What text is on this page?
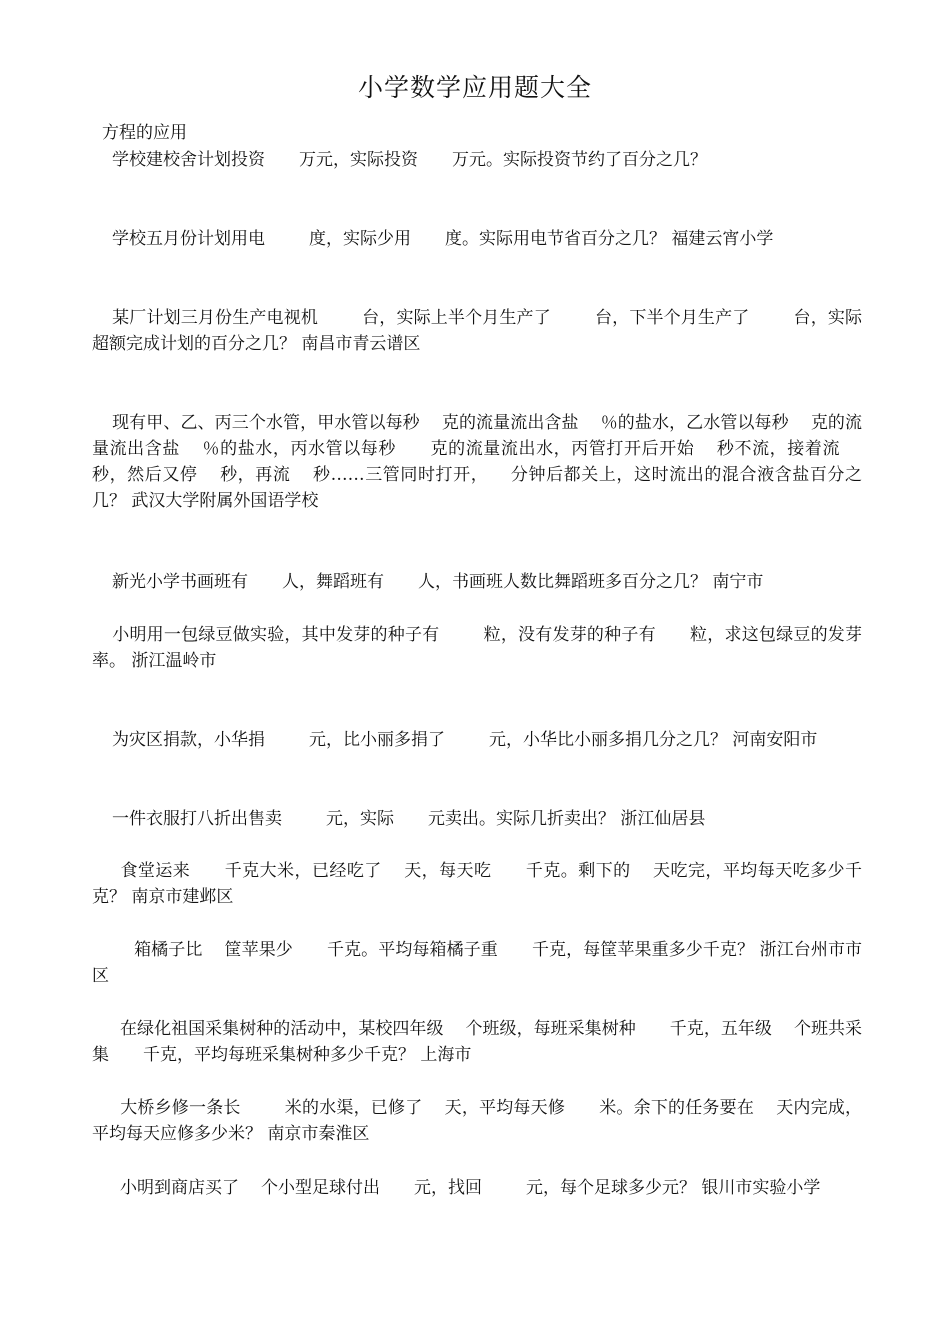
小学数学应用题大全
方程的应用
学校建校舍计划投资 万元，实际投资 万元。实际投资节约了百分之几？
学校五月份计划用电	度，实际少用 度。实际用电节省百分之几？ 福建云宵小学
某厂计划三月份生产电视机	台，实际上半个月生产了	台，下半个月生产了	台，实际超额完成计划的百分之几？ 南昌市青云谱区
现有甲、乙、丙三个水管，甲水管以每秒 克的流量流出含盐 ％的盐水，乙水管以每秒 克的流量流出含盐 ％的盐水，丙水管以每秒 克的流量流出水，丙管打开后开始 秒不流，接着流秒，然后又停 秒，再流 秒……三管同时打开， 分钟后都关上，这时流出的混合液含盐百分之几？ 武汉大学附属外国语学校
新光小学书画班有 人，舞蹈班有 人，书画班人数比舞蹈班多百分之几？ 南宁市
小明用一包绿豆做实验，其中发芽的种子有	粒，没有发芽的种子有 粒，求这包绿豆的发芽率。 浙江温岭市
为灾区捐款，小华捐	元，比小丽多捐了	元，小华比小丽多捐几分之几？ 河南安阳市
一件衣服打八折出售卖	元，实际 元卖出。实际几折卖出？ 浙江仙居县
食堂运来 千克大米，已经吃了 天，每天吃 千克。剩下的 天吃完，平均每天吃多少千克？ 南京市建邺区
箱橘子比 筐苹果少 千克。平均每箱橘子重 千克，每筐苹果重多少千克？ 浙江台州市市区
在绿化祖国采集树种的活动中，某校四年级 个班级，每班采集树种 千克，五年级 个班共采集 千克，平均每班采集树种多少千克？ 上海市
大桥乡修一条长	米的水渠，已修了 天，平均每天修 米。余下的任务要在 天内完成，平均每天应修多少米？ 南京市秦淮区
小明到商店买了 个小型足球付出 元，找回	元，每个足球多少元？ 银川市实验小学
